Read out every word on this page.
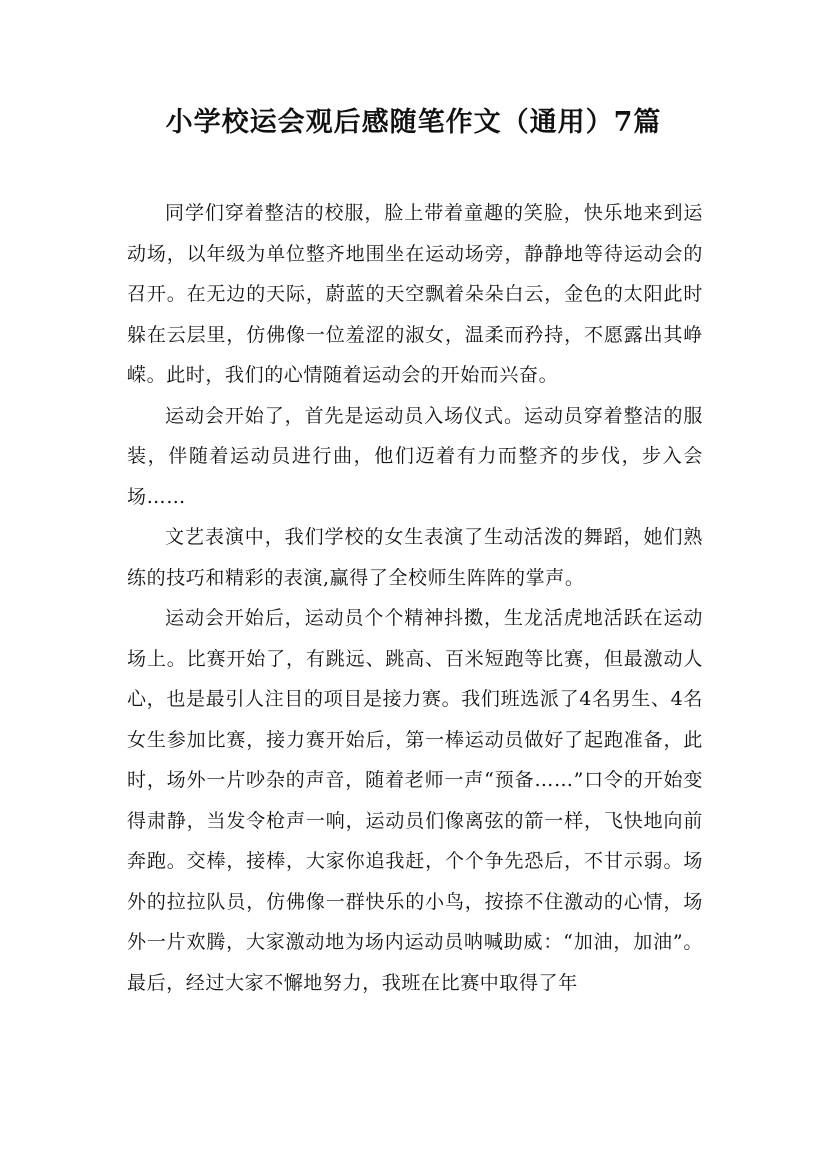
小学校运会观后感随笔作文（通用）7篇

同学们穿着整洁的校服，脸上带着童趣的笑脸，快乐地来到运动场，以年级为单位整齐地围坐在运动场旁，静静地等待运动会的召开。在无边的天际，蔚蓝的天空飘着朵朵白云，金色的太阳此时躲在云层里，仿佛像一位羞涩的淑女，温柔而矜持，不愿露出其峥嵘。此时，我们的心情随着运动会的开始而兴奋。

运动会开始了，首先是运动员入场仪式。运动员穿着整洁的服装，伴随着运动员进行曲，他们迈着有力而整齐的步伐，步入会场……

文艺表演中，我们学校的女生表演了生动活泼的舞蹈，她们熟练的技巧和精彩的表演,赢得了全校师生阵阵的掌声。

运动会开始后，运动员个个精神抖擞，生龙活虎地活跃在运动场上。比赛开始了，有跳远、跳高、百米短跑等比赛，但最激动人心，也是最引人注目的项目是接力赛。我们班选派了4名男生、4名女生参加比赛，接力赛开始后，第一棒运动员做好了起跑准备，此时，场外一片吵杂的声音，随着老师一声“预备……”口令的开始变得肃静，当发令枪声一响，运动员们像离弦的箭一样，飞快地向前奔跑。交棒，接棒，大家你追我赶，个个争先恐后，不甘示弱。场外的拉拉队员，仿佛像一群快乐的小鸟，按捺不住激动的心情，场外一片欢腾，大家激动地为场内运动员呐喊助威：“加油，加油”。最后，经过大家不懈地努力，我班在比赛中取得了年
